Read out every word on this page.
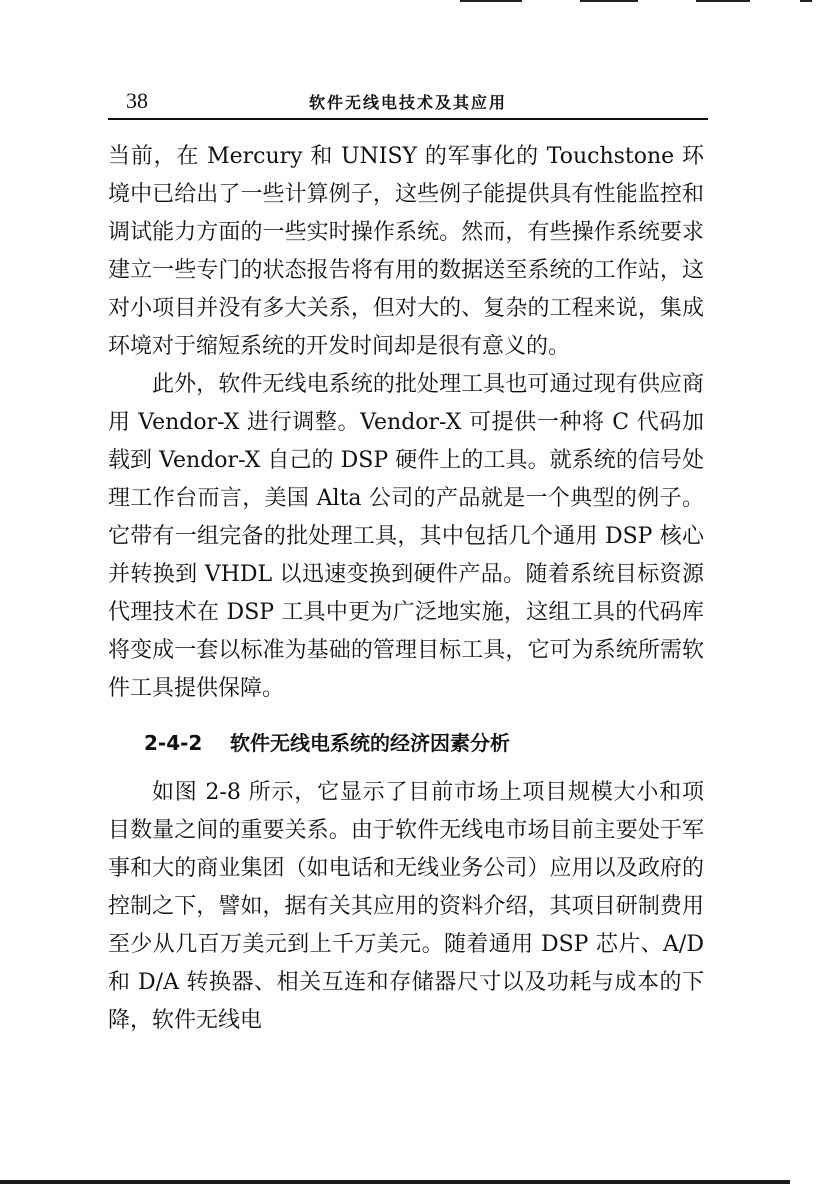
38	软件无线电技术及其应用

当前，在 Mercury 和 UNISY 的军事化的 Touchstone 环境中已给出了一些计算例子，这些例子能提供具有性能监控和调试能力方面的一些实时操作系统。然而，有些操作系统要求建立一些专门的状态报告将有用的数据送至系统的工作站，这对小项目并没有多大关系，但对大的、复杂的工程来说，集成环境对于缩短系统的开发时间却是很有意义的。

此外，软件无线电系统的批处理工具也可通过现有供应商用 Vendor-X 进行调整。Vendor-X 可提供一种将 C 代码加载到 Vendor-X 自己的 DSP 硬件上的工具。就系统的信号处理工作台而言，美国 Alta 公司的产品就是一个典型的例子。它带有一组完备的批处理工具，其中包括几个通用 DSP 核心并转换到 VHDL 以迅速变换到硬件产品。随着系统目标资源代理技术在 DSP 工具中更为广泛地实施，这组工具的代码库将变成一套以标准为基础的管理目标工具，它可为系统所需软件工具提供保障。

2-4-2 软件无线电系统的经济因素分析

如图 2-8 所示，它显示了目前市场上项目规模大小和项目数量之间的重要关系。由于软件无线电市场目前主要处于军事和大的商业集团（如电话和无线业务公司）应用以及政府的控制之下，譬如，据有关其应用的资料介绍，其项目研制费用至少从几百万美元到上千万美元。随着通用 DSP 芯片、A/D 和 D/A 转换器、相关互连和存储器尺寸以及功耗与成本的下降，软件无线电
